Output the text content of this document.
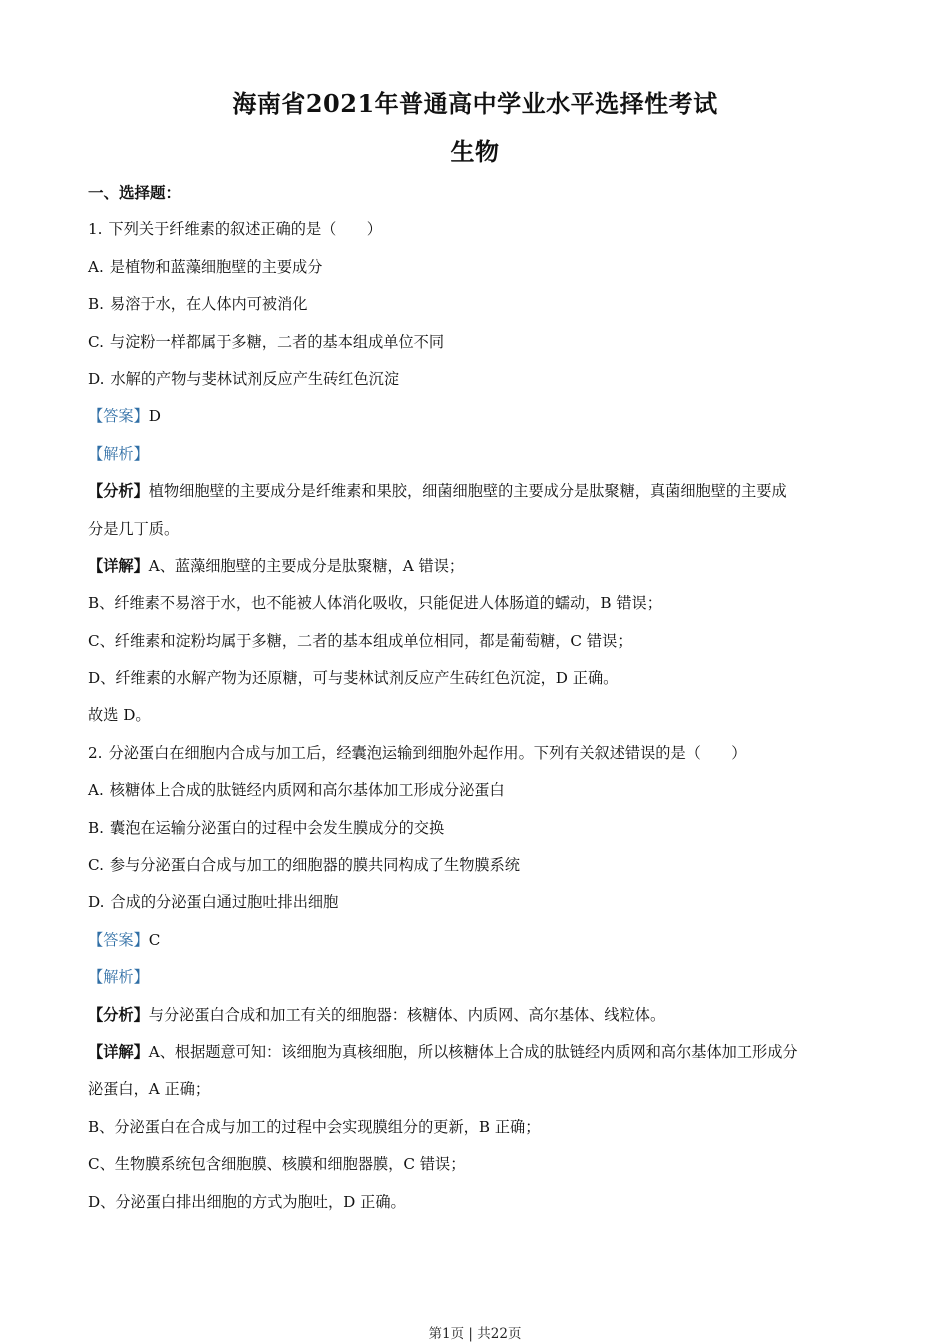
海南省2021年普通高中学业水平选择性考试
生物
一、选择题：
1. 下列关于纤维素的叙述正确的是（　　）
A. 是植物和蓝藻细胞壁的主要成分
B. 易溶于水，在人体内可被消化
C. 与淀粉一样都属于多糖，二者的基本组成单位不同
D. 水解的产物与斐林试剂反应产生砖红色沉淀
【答案】D
【解析】
【分析】植物细胞壁的主要成分是纤维素和果胶，细菌细胞壁的主要成分是肽聚糖，真菌细胞壁的主要成
分是几丁质。
【详解】A、蓝藻细胞壁的主要成分是肽聚糖，A 错误；
B、纤维素不易溶于水，也不能被人体消化吸收，只能促进人体肠道的蠕动，B 错误；
C、纤维素和淀粉均属于多糖，二者的基本组成单位相同，都是葡萄糖，C 错误；
D、纤维素的水解产物为还原糖，可与斐林试剂反应产生砖红色沉淀，D 正确。
故选 D。
2. 分泌蛋白在细胞内合成与加工后，经囊泡运输到细胞外起作用。下列有关叙述错误的是（　　）
A. 核糖体上合成的肽链经内质网和高尔基体加工形成分泌蛋白
B. 囊泡在运输分泌蛋白的过程中会发生膜成分的交换
C. 参与分泌蛋白合成与加工的细胞器的膜共同构成了生物膜系统
D. 合成的分泌蛋白通过胞吐排出细胞
【答案】C
【解析】
【分析】与分泌蛋白合成和加工有关的细胞器：核糖体、内质网、高尔基体、线粒体。
【详解】A、根据题意可知：该细胞为真核细胞，所以核糖体上合成的肽链经内质网和高尔基体加工形成分
泌蛋白，A 正确；
B、分泌蛋白在合成与加工的过程中会实现膜组分的更新，B 正确；
C、生物膜系统包含细胞膜、核膜和细胞器膜，C 错误；
D、分泌蛋白排出细胞的方式为胞吐，D 正确。
第1页 | 共22页
